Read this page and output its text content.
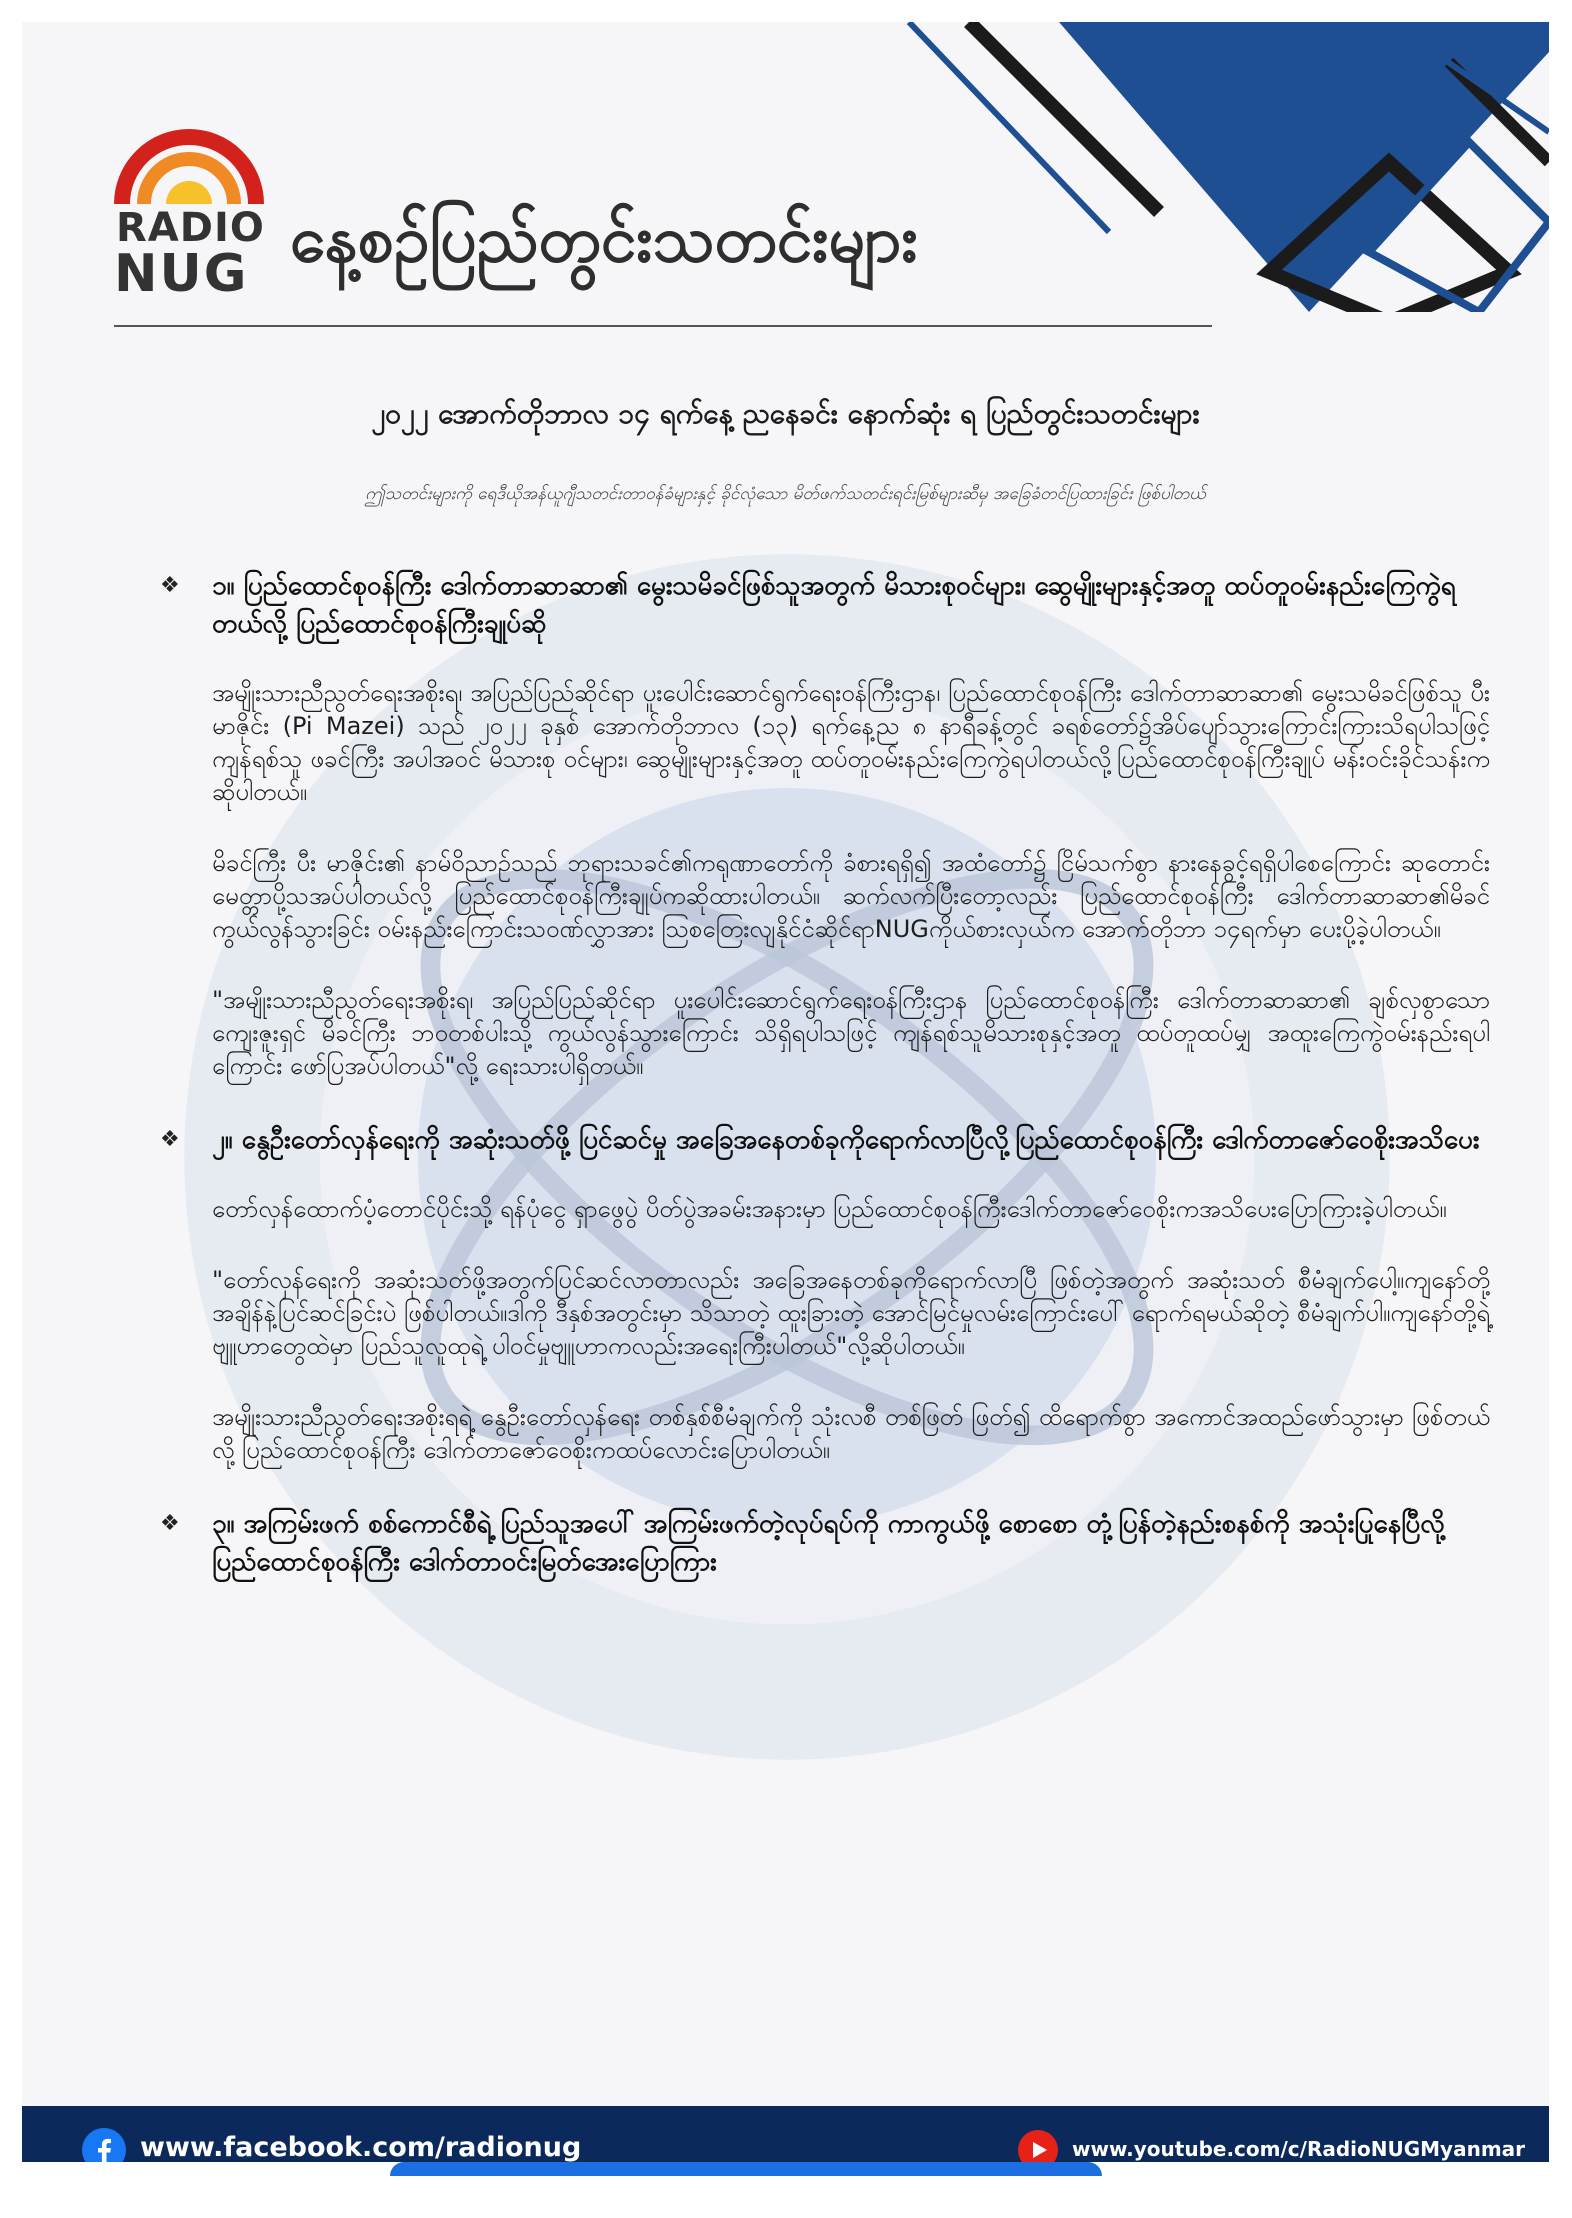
RADIO
NUG နေ့စဉ်ပြည်တွင်းသတင်းများ
၂၀၂၂ အောက်တိုဘာလ ၁၄ ရက်နေ့ ညနေခင်း နောက်ဆုံး ရ ပြည်တွင်းသတင်းများ
ဤသတင်းများကို ရေဒီယိုအန်ယူဂျီသတင်းတာဝန်ခံများနှင့် ခိုင်လုံသော မိတ်ဖက်သတင်းရင်းမြစ်များဆီမှ အခြေခံတင်ပြထားခြင်း ဖြစ်ပါတယ်
❖ ၁။ ပြည်ထောင်စုဝန်ကြီး ဒေါက်တာဆာဆာ၏ မွေးသမိခင်ဖြစ်သူအတွက် မိသားစုဝင်များ၊ ဆွေမျိုးများနှင့်အတူ ထပ်တူဝမ်းနည်းကြေကွဲရတယ်လို့ ပြည်ထောင်စုဝန်ကြီးချုပ်ဆို

အမျိုးသားညီညွတ်ရေးအစိုးရ၊ အပြည်ပြည်ဆိုင်ရာ ပူးပေါင်းဆောင်ရွက်ရေးဝန်ကြီးဌာန၊ ပြည်ထောင်စုဝန်ကြီး ဒေါက်တာဆာဆာ၏ မွေးသမိခင်ဖြစ်သူ ပီး မာဇိုင်း (Pi Mazei) သည် ၂၀၂၂ ခုနှစ် အောက်တိုဘာလ (၁၃) ရက်နေ့ည ၈ နာရီခန့်တွင် ခရစ်တော်၌အိပ်ပျော်သွားကြောင်းကြားသိရပါသဖြင့် ကျန်ရစ်သူ ဖခင်ကြီး အပါအဝင် မိသားစု ဝင်များ၊ ဆွေမျိုးများနှင့်အတူ ထပ်တူဝမ်းနည်းကြေကွဲရပါတယ်လို့ပြည်ထောင်စုဝန်ကြီးချုပ် မန်းဝင်းခိုင်သန်းကဆိုပါတယ်။

မိခင်ကြီး ပီး မာဇိုင်း၏ နာမ်ဝိညာဉ်သည် ဘုရားသခင်၏ကရုဏာတော်ကို ခံစားရရှိ၍ အထံတော်၌ ငြိမ်သက်စွာ နားနေခွင့်ရရှိပါစေကြောင်း ဆုတောင်းမေတ္တာပို့သအပ်ပါတယ်လို့ ပြည်ထောင်စုဝန်ကြီးချုပ်ကဆိုထားပါတယ်။ ဆက်လက်ပြီးတော့လည်း ပြည်ထောင်စုဝန်ကြီး ဒေါက်တာဆာဆာ၏မိခင် ကွယ်လွန်သွားခြင်း ဝမ်းနည်းကြောင်းသဝဏ်လွှာအား သြစတြေးလျနိုင်ငံဆိုင်ရာNUGကိုယ်စားလှယ်က အောက်တိုဘာ ၁၄ရက်မှာ ပေးပို့ခဲ့ပါတယ်။

"အမျိုးသားညီညွတ်ရေးအစိုးရ၊ အပြည်ပြည်ဆိုင်ရာ ပူးပေါင်းဆောင်ရွက်ရေးဝန်ကြီးဌာန ပြည်ထောင်စုဝန်ကြီး ဒေါက်တာဆာဆာ၏ ချစ်လှစွာသော ကျေးဇူးရှင် မိခင်ကြီး ဘဝတစ်ပါးသို့ ကွယ်လွန်သွားကြောင်း သိရှိရပါသဖြင့် ကျန်ရစ်သူမိသားစုနှင့်အတူ ထပ်တူထပ်မျှ အထူးကြေကွဲဝမ်းနည်းရပါကြောင်း ဖော်ပြအပ်ပါတယ်"လို့ ရေးသားပါရှိတယ်။

❖ ၂။ နွေဦးတော်လှန်ရေးကို အဆုံးသတ်ဖို့ ပြင်ဆင်မှု အခြေအနေတစ်ခုကိုရောက်လာပြီလို့ပြည်ထောင်စုဝန်ကြီး ဒေါက်တာဇော်ဝေစိုးအသိပေး

တော်လှန်ထောက်ပံ့တောင်ပိုင်းသို့ ရန်ပုံငွေ ရှာဖွေပွဲ ပိတ်ပွဲအခမ်းအနားမှာ ပြည်ထောင်စုဝန်ကြီးဒေါက်တာဇော်ဝေစိုးကအသိပေးပြောကြားခဲ့ပါတယ်။

"တော်လှန်ရေးကို အဆုံးသတ်ဖို့အတွက်ပြင်ဆင်လာတာလည်း အခြေအနေတစ်ခုကိုရောက်လာပြီ ဖြစ်တဲ့အတွက် အဆုံးသတ် စီမံချက်ပေါ့။ကျနော်တို့ အချိန်နဲ့ပြင်ဆင်ခြင်းပဲ ဖြစ်ပါတယ်။ဒါကို ဒီနှစ်အတွင်းမှာ သိသာတဲ့ ထူးခြားတဲ့ အောင်မြင်မှုလမ်းကြောင်းပေါ် ရောက်ရမယ်ဆိုတဲ့ စီမံချက်ပါ။ကျနော်တို့ရဲ့ ဗျူဟာတွေထဲမှာ ပြည်သူလူထုရဲ့ ပါဝင်မှုဗျူဟာကလည်းအရေးကြီးပါတယ်"လို့ဆိုပါတယ်။

အမျိုးသားညီညွတ်ရေးအစိုးရရဲ့ နွေဦးတော်လှန်ရေး တစ်နှစ်စီမံချက်ကို သုံးလစီ တစ်ဖြတ် ဖြတ်၍ ထိရောက်စွာ အကောင်အထည်ဖော်သွားမှာ ဖြစ်တယ်လို့ ပြည်ထောင်စုဝန်ကြီး ဒေါက်တာဇော်ဝေစိုးကထပ်လောင်းပြောပါတယ်။

❖ ၃။ အကြမ်းဖက် စစ်ကောင်စီရဲ့ ပြည်သူအပေါ် အကြမ်းဖက်တဲ့လုပ်ရပ်ကို ကာကွယ်ဖို့ စောစော တုံ့ပြန်တဲ့နည်းစနစ်ကို အသုံးပြုနေပြီလို့ ပြည်ထောင်စုဝန်ကြီး ဒေါက်တာဝင်းမြတ်အေးပြောကြား
www.facebook.com/radionug	www.youtube.com/c/RadioNUGMyanmar
